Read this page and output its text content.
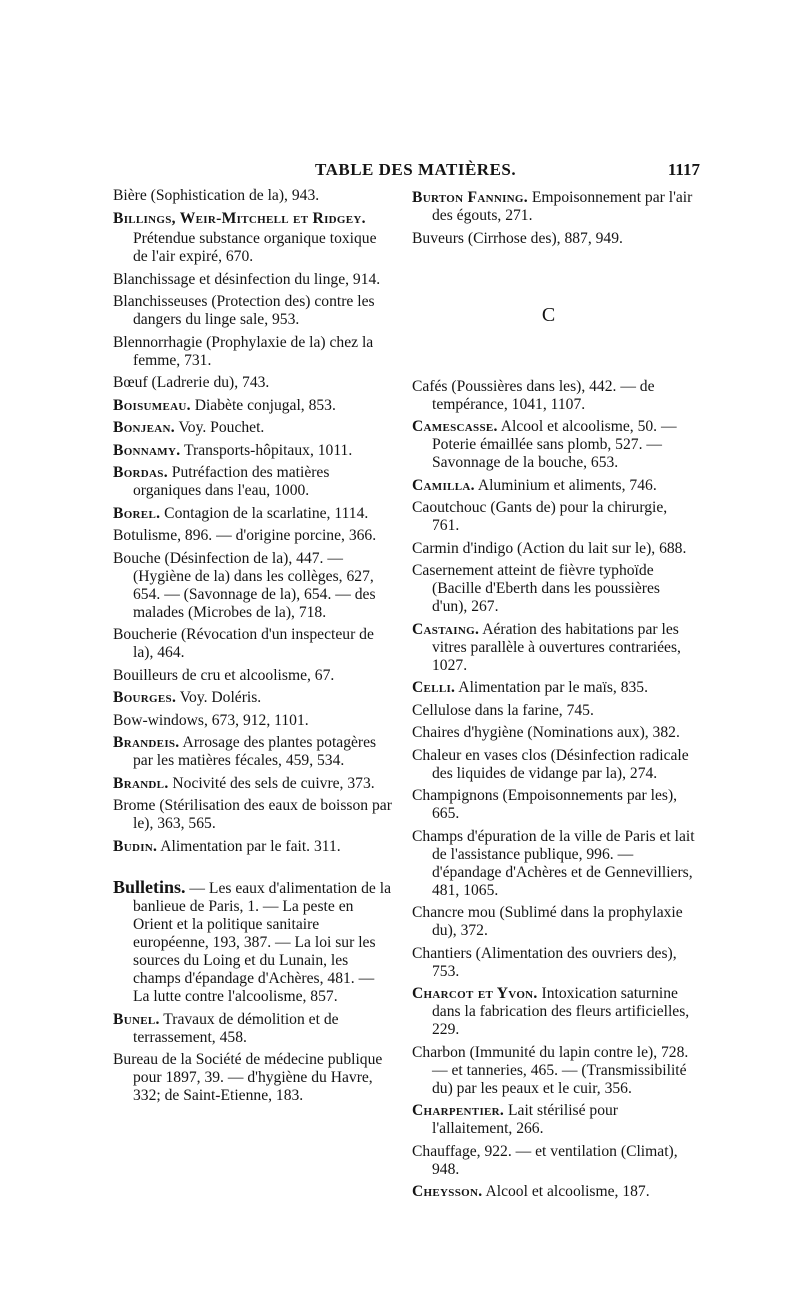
TABLE DES MATIÈRES.	1117
Bière (Sophistication de la), 943.
Billings, Weir-Mitchell et Ridgey.
Prétendue substance organique toxique de l'air expiré, 670.
Blanchissage et désinfection du linge, 914.
Blanchisseuses (Protection des) contre les dangers du linge sale, 953.
Blennorrhagie (Prophylaxie de la) chez la femme, 731.
Bœuf (Ladrerie du), 743.
Boisumeau. Diabète conjugal, 853.
Bonjean. Voy. Pouchet.
Bonnamy. Transports-hôpitaux, 1011.
Bordas. Putréfaction des matières organiques dans l'eau, 1000.
Borel. Contagion de la scarlatine, 1114.
Botulisme, 896. — d'origine porcine, 366.
Bouche (Désinfection de la), 447. — (Hygiène de la) dans les collèges, 627, 654. — (Savonnage de la), 654. — des malades (Microbes de la), 718.
Boucherie (Révocation d'un inspecteur de la), 464.
Bouilleurs de cru et alcoolisme, 67.
Bourges. Voy. Doléris.
Bow-windows, 673, 912, 1101.
Brandeis. Arrosage des plantes potagères par les matières fécales, 459, 534.
Brandl. Nocivité des sels de cuivre, 373.
Brome (Stérilisation des eaux de boisson par le), 363, 565.
Budin. Alimentation par le fait. 311.
Bulletins. — Les eaux d'alimentation de la banlieue de Paris, 1. — La peste en Orient et la politique sanitaire européenne, 193, 387. — La loi sur les sources du Loing et du Lunain, les champs d'épandage d'Achères, 481. — La lutte contre l'alcoolisme, 857.
Bunel. Travaux de démolition et de terrassement, 458.
Bureau de la Société de médecine publique pour 1897, 39. — d'hygiène du Havre, 332; de Saint-Etienne, 183.
Burton Fanning. Empoisonnement par l'air des égouts, 271.
Buveurs (Cirrhose des), 887, 949.
C
Cafés (Poussières dans les), 442. — de tempérance, 1041, 1107.
Camescasse. Alcool et alcoolisme, 50. — Poterie émaillée sans plomb, 527. — Savonnage de la bouche, 653.
Camilla. Aluminium et aliments, 746.
Caoutchouc (Gants de) pour la chirurgie, 761.
Carmin d'indigo (Action du lait sur le), 688.
Casernement atteint de fièvre typhoïde (Bacille d'Eberth dans les poussières d'un), 267.
Castaing. Aération des habitations par les vitres parallèle à ouvertures contrariées, 1027.
Celli. Alimentation par le maïs, 835.
Cellulose dans la farine, 745.
Chaires d'hygiène (Nominations aux), 382.
Chaleur en vases clos (Désinfection radicale des liquides de vidange par la), 274.
Champignons (Empoisonnements par les), 665.
Champs d'épuration de la ville de Paris et lait de l'assistance publique, 996. — d'épandage d'Achères et de Gennevilliers, 481, 1065.
Chancre mou (Sublimé dans la prophylaxie du), 372.
Chantiers (Alimentation des ouvriers des), 753.
Charcot et Yvon. Intoxication saturnine dans la fabrication des fleurs artificielles, 229.
Charbon (Immunité du lapin contre le), 728. — et tanneries, 465. — (Transmissibilité du) par les peaux et le cuir, 356.
Charpentier. Lait stérilisé pour l'allaitement, 266.
Chauffage, 922. — et ventilation (Climat), 948.
Cheysson. Alcool et alcoolisme, 187.
